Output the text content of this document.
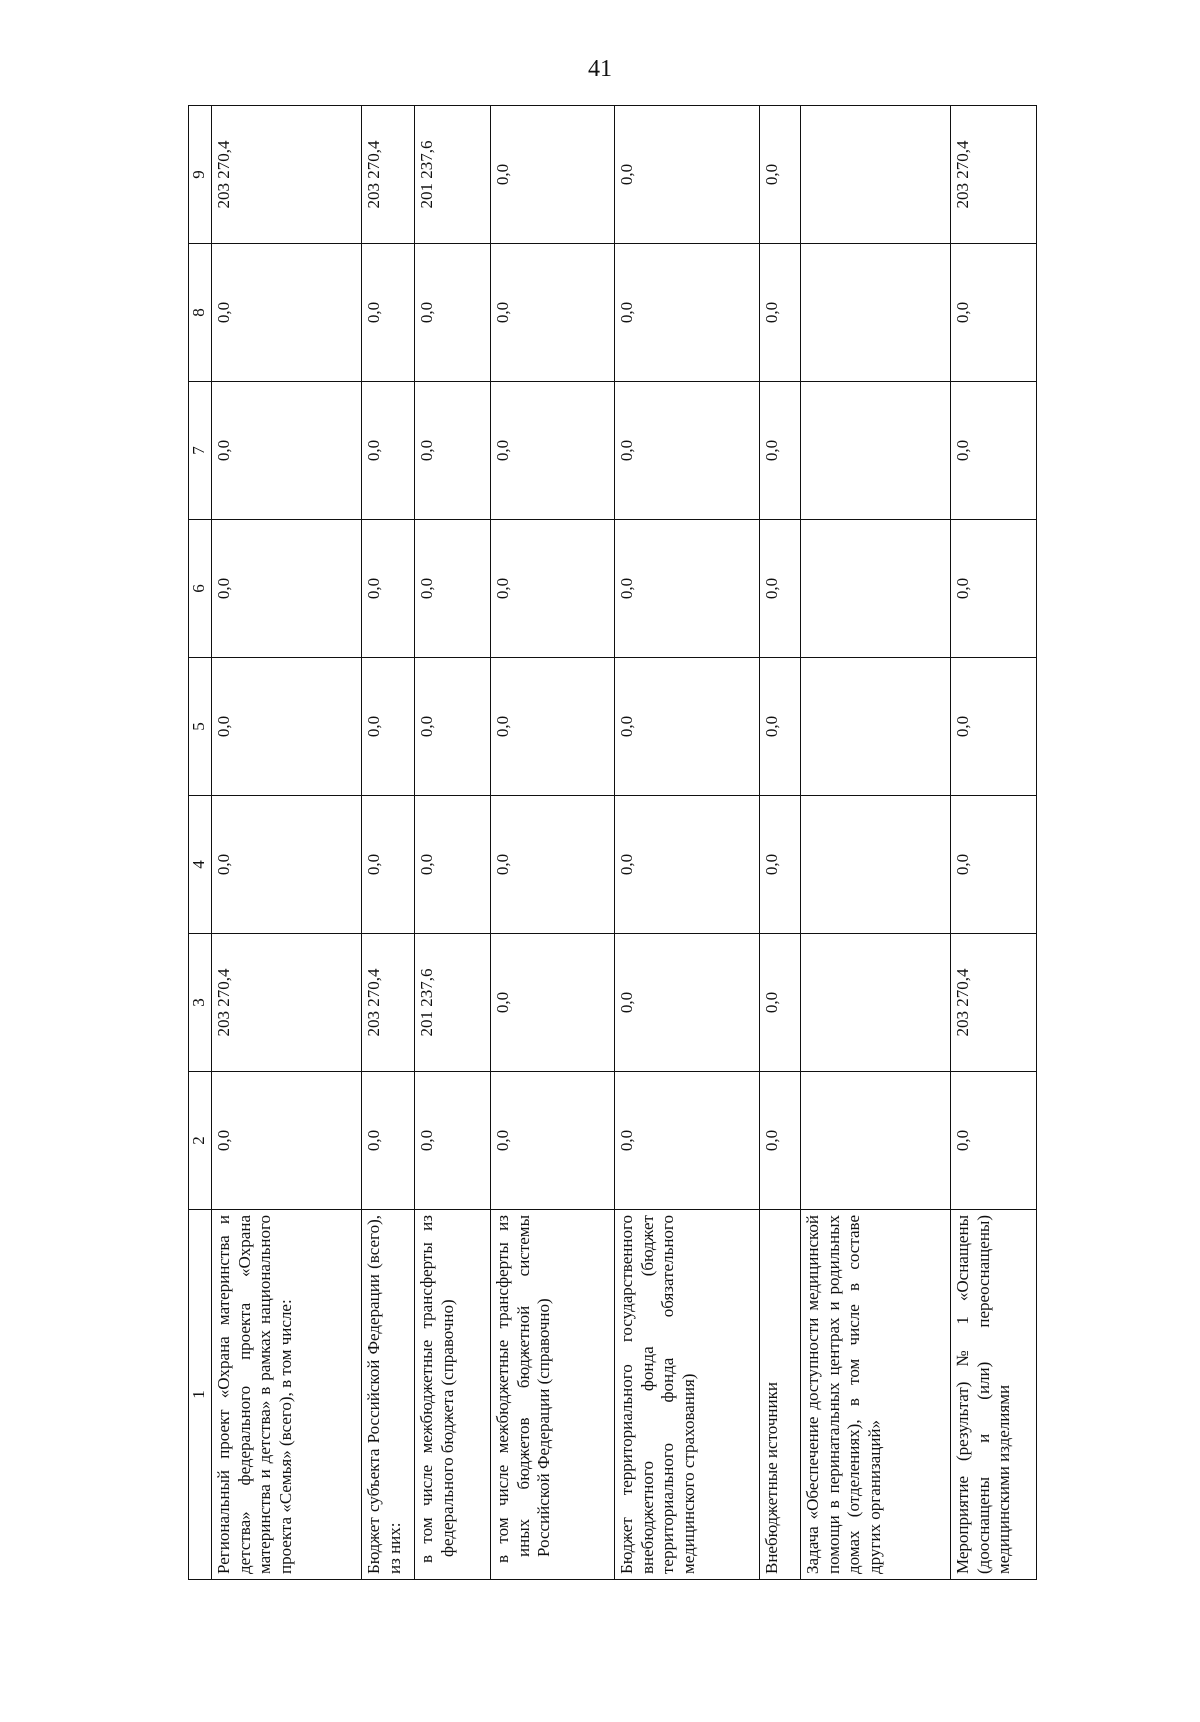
41
1	2	3	4	5	6	7	8	9
Региональный проект «Охрана материнства и детства» федерального проекта «Охрана материнства и детства» в рамках национального проекта «Семья» (всего), в том числе:	0,0	203 270,4	0,0	0,0	0,0	0,0	0,0	203 270,4
Бюджет субъекта Российской Федерации (всего), из них:	0,0	203 270,4	0,0	0,0	0,0	0,0	0,0	203 270,4
в том числе межбюджетные трансферты из федерального бюджета (справочно)	0,0	201 237,6	0,0	0,0	0,0	0,0	0,0	201 237,6
в том числе межбюджетные трансферты из иных бюджетов бюджетной системы Российской Федерации (справочно)	0,0	0,0	0,0	0,0	0,0	0,0	0,0	0,0
Бюджет территориального государственного внебюджетного фонда (бюджет территориального фонда обязательного медицинского страхования)	0,0	0,0	0,0	0,0	0,0	0,0	0,0	0,0
Внебюджетные источники	0,0	0,0	0,0	0,0	0,0	0,0	0,0	0,0
Задача «Обеспечение доступности медицинской помощи в перинатальных центрах и родильных домах (отделениях), в том числе в составе других организаций»								
Мероприятие (результат) № 1 «Оснащены (дооснащены и (или) переоснащены) медицинскими изделиями	0,0	203 270,4	0,0	0,0	0,0	0,0	0,0	203 270,4
